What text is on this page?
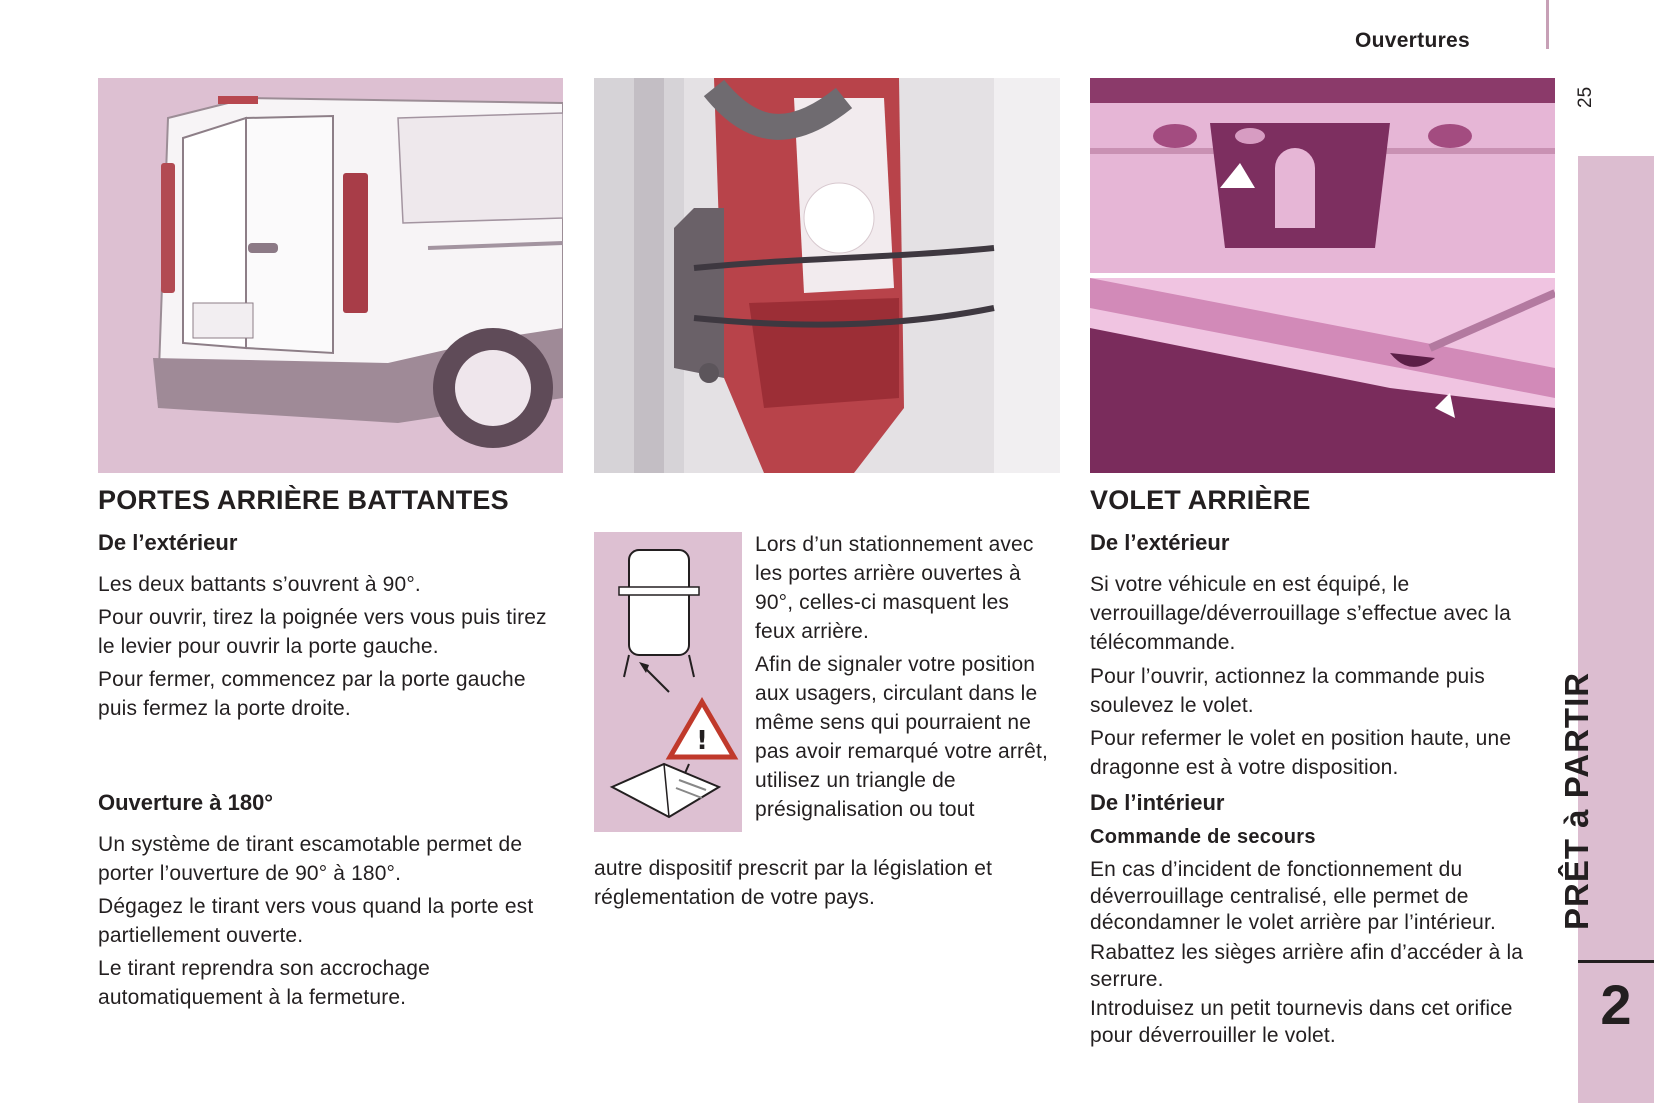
Ouvertures
25
PRÊT à PARTIR
2
PORTES ARRIÈRE BATTANTES
De l’extérieur

Les deux battants s’ouvrent à 90°.

Pour ouvrir, tirez la poignée vers vous puis tirez le levier pour ouvrir la porte gauche.

Pour fermer, commencez par la porte gauche puis fermez la porte droite.

Ouverture à 180°

Un système de tirant escamotable permet de porter l’ouverture de 90° à 180°.

Dégagez le tirant vers vous quand la porte est partiellement ouverte.

Le tirant reprendra son accrochage automatiquement à la fermeture.

!

Lors d’un stationnement avec les portes arrière ouvertes à 90°, celles-ci masquent les feux arrière.

Afin de signaler votre position aux usagers, circulant dans le même sens qui pourraient ne pas avoir remarqué votre arrêt, utilisez un triangle de présignalisation ou tout

autre dispositif prescrit par la législation et réglementation de votre pays.

VOLET ARRIÈRE
De l’extérieur

Si votre véhicule en est équipé, le verrouillage/déverrouillage s’effectue avec la télécommande.

Pour l’ouvrir, actionnez la commande puis soulevez le volet.

Pour refermer le volet en position haute, une dragonne est à votre disposition.

De l’intérieur
Commande de secours

En cas d’incident de fonctionnement du déverrouillage centralisé, elle permet de décondamner le volet arrière par l’intérieur.

Rabattez les sièges arrière afin d’accéder à la serrure.

Introduisez un petit tournevis dans cet orifice pour déverrouiller le volet.
